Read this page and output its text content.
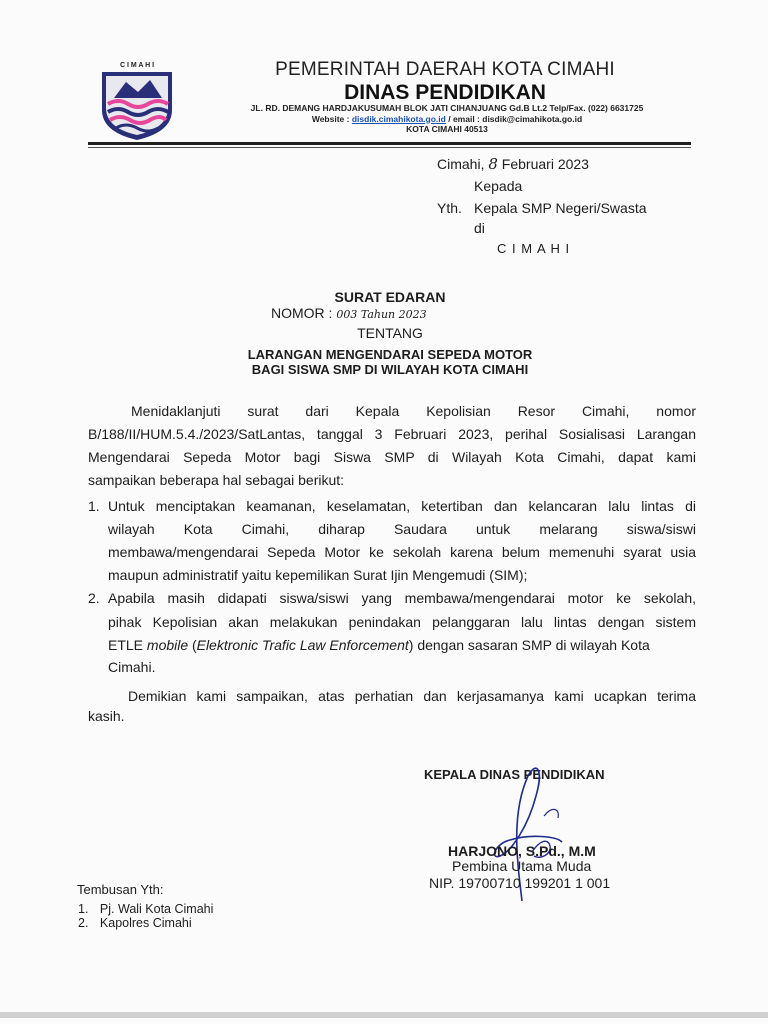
C I M A H I	PEMERINTAH DAERAH KOTA CIMAHI
DINAS PENDIDIKAN
JL. RD. DEMANG HARDJAKUSUMAH BLOK JATI CIHANJUANG Gd.B Lt.2 Telp/Fax. (022) 6631725
Website : disdik.cimahikota.go.id / email : disdik@cimahikota.go.id
KOTA CIMAHI 40513
Cimahi, 8 Februari 2023
Kepada
Yth. Kepala SMP Negeri/Swasta
di
C I M A H I
SURAT EDARAN
NOMOR : 003 Tahun 2023
TENTANG
LARANGAN MENGENDARAI SEPEDA MOTOR
BAGI SISWA SMP DI WILAYAH KOTA CIMAHI
Menidaklanjuti surat dari Kepala Kepolisian Resor Cimahi, nomor
B/188/II/HUM.5.4./2023/SatLantas, tanggal 3 Februari 2023, perihal Sosialisasi Larangan
Mengendarai Sepeda Motor bagi Siswa SMP di Wilayah Kota Cimahi, dapat kami
sampaikan beberapa hal sebagai berikut:
1. Untuk menciptakan keamanan, keselamatan, ketertiban dan kelancaran lalu lintas di
wilayah Kota Cimahi, diharap Saudara untuk melarang siswa/siswi
membawa/mengendarai Sepeda Motor ke sekolah karena belum memenuhi syarat usia
maupun administratif yaitu kepemilikan Surat Ijin Mengemudi (SIM);
2. Apabila masih didapati siswa/siswi yang membawa/mengendarai motor ke sekolah,
pihak Kepolisian akan melakukan penindakan pelanggaran lalu lintas dengan sistem
ETLE mobile ( Elektronic Trafic Law Enforcement) dengan sasaran SMP di wilayah Kota
Cimahi.
Demikian kami sampaikan, atas perhatian dan kerjasamanya kami ucapkan terima
kasih.
KEPALA DINAS PENDIDIKAN
HARJONO, S.Pd., M.M
Pembina Utama Muda
NIP. 19700710 199201 1 001
Tembusan Yth:
1. Pj. Wali Kota Cimahi
2. Kapolres Cimahi
